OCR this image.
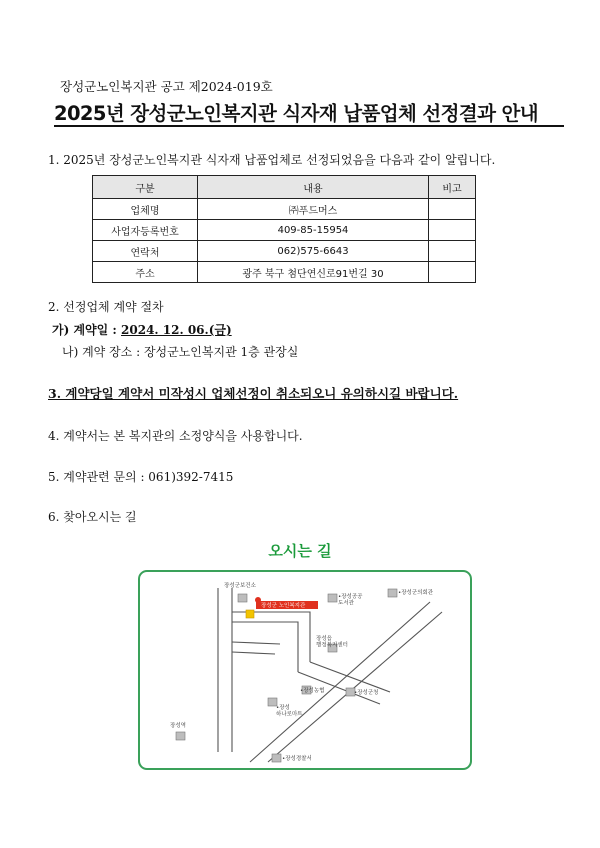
장성군노인복지관 공고 제2024-019호
2025년 장성군노인복지관 식자재 납품업체 선정결과 안내
1. 2025년 장성군노인복지관 식자재 납품업체로 선정되었음을 다음과 같이 알립니다.
구분	내용	비고
업체명	㈜푸드머스	
사업자등록번호	409-85-15954	
연락처	062)575-6643	
주소	광주 북구 첨단연신로91번길 30	
2. 선정업체 계약 절차
가) 계약일 : 2024. 12. 06.(금)
나) 계약 장소 : 장성군노인복지관 1층 관장실
3. 계약당일 계약서 미작성시 업체선정이 취소되오니 유의하시길 바랍니다.
4. 계약서는 본 복지관의 소정양식을 사용합니다.
5. 계약관련 문의 : 061)392-7415
6. 찾아오시는 길
오시는 길
장성군 노인복지관
장성군보건소
•장성공공 도서관
•장성군의회관
장성읍 행정복지센터
•장성농협	•장성군청
•장성 하나로마트
장성역
•장성경찰서
